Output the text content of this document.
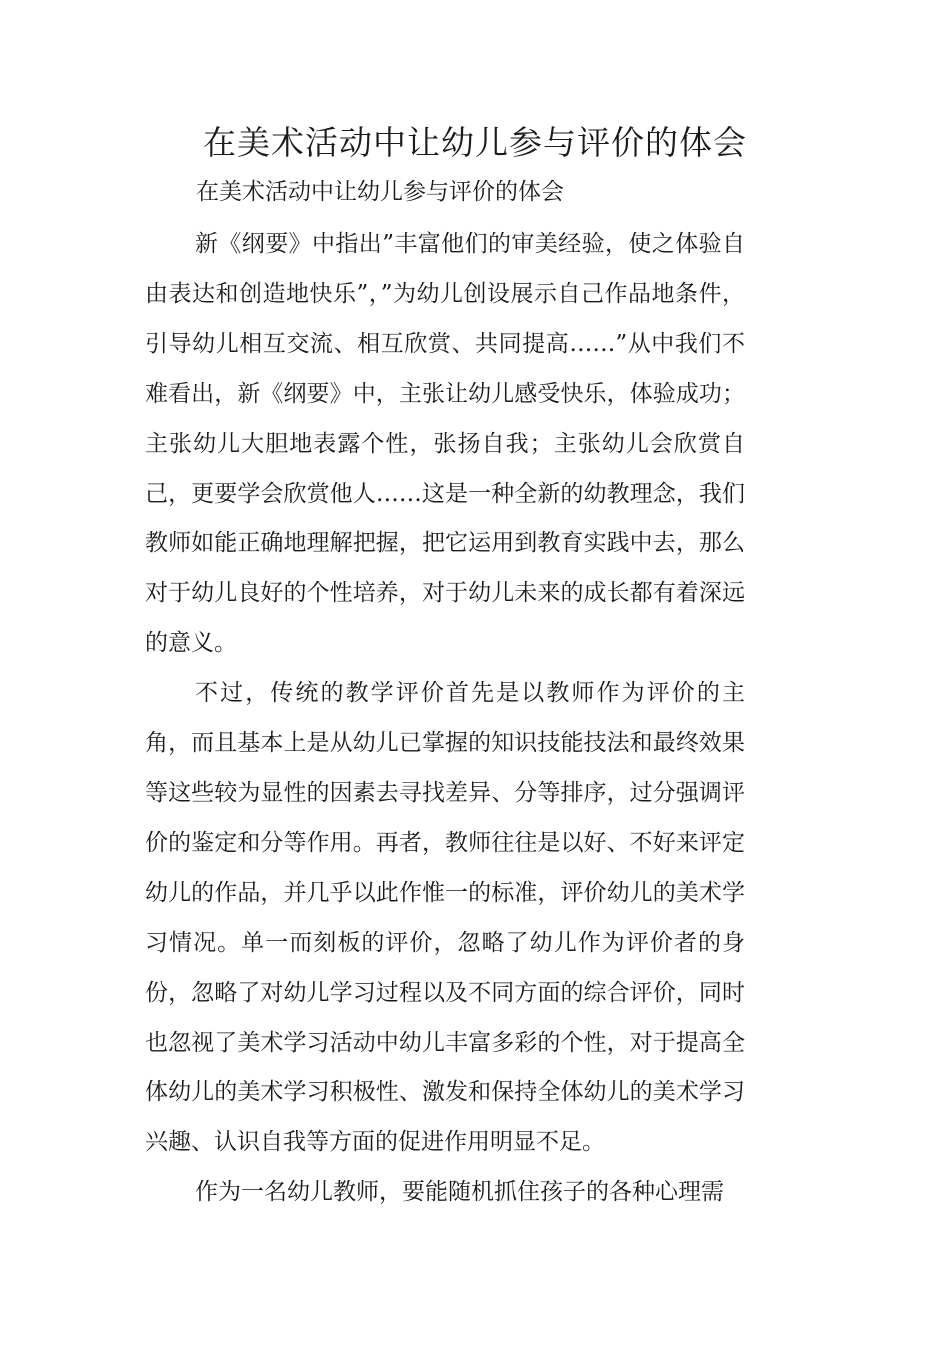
在美术活动中让幼儿参与评价的体会

在美术活动中让幼儿参与评价的体会

新《纲要》中指出”丰富他们的审美经验，使之体验自由表达和创造地快乐”，”为幼儿创设展示自己作品地条件，引导幼儿相互交流、相互欣赏、共同提高……”从中我们不难看出，新《纲要》中，主张让幼儿感受快乐，体验成功；主张幼儿大胆地表露个性，张扬自我；主张幼儿会欣赏自己，更要学会欣赏他人……这是一种全新的幼教理念，我们教师如能正确地理解把握，把它运用到教育实践中去，那么对于幼儿良好的个性培养，对于幼儿未来的成长都有着深远的意义。

不过，传统的教学评价首先是以教师作为评价的主角，而且基本上是从幼儿已掌握的知识技能技法和最终效果等这些较为显性的因素去寻找差异、分等排序，过分强调评价的鉴定和分等作用。再者，教师往往是以好、不好来评定幼儿的作品，并几乎以此作惟一的标准，评价幼儿的美术学习情况。单一而刻板的评价，忽略了幼儿作为评价者的身份，忽略了对幼儿学习过程以及不同方面的综合评价，同时也忽视了美术学习活动中幼儿丰富多彩的个性，对于提高全体幼儿的美术学习积极性、激发和保持全体幼儿的美术学习兴趣、认识自我等方面的促进作用明显不足。

作为一名幼儿教师，要能随机抓住孩子的各种心理需
